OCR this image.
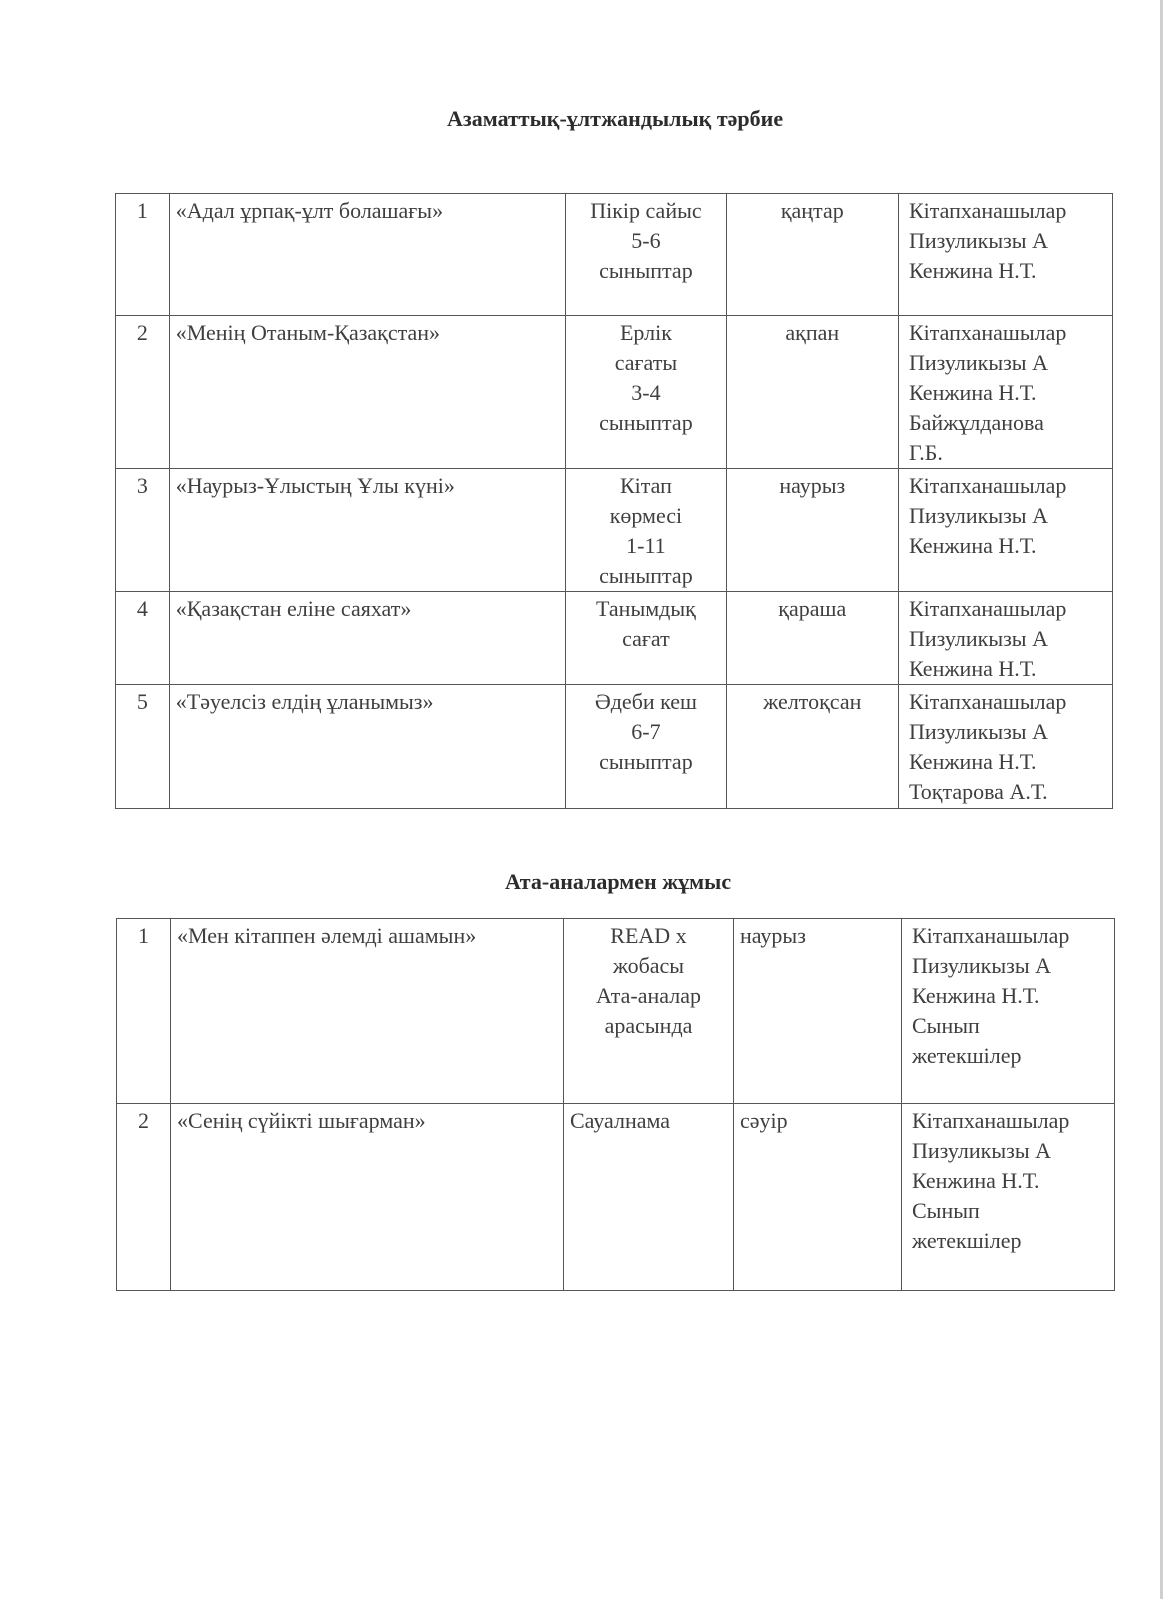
Азаматтық-ұлтжандылық тәрбие
1	«Адал ұрпақ-ұлт болашағы»	Пікір сайыс
5-6
сыныптар	қаңтар	Кітапханашылар
Пизуликызы А
Кенжина Н.Т.
2	«Менің Отаным-Қазақстан»	Ерлік
сағаты
3-4
сыныптар	ақпан	Кітапханашылар
Пизуликызы А
Кенжина Н.Т.
Байжұлданова
Г.Б.
3	«Наурыз-Ұлыстың Ұлы күні»	Кітап
көрмесі
1-11
сыныптар	наурыз	Кітапханашылар
Пизуликызы А
Кенжина Н.Т.
4	«Қазақстан еліне саяхат»	Танымдық
сағат	қараша	Кітапханашылар
Пизуликызы А
Кенжина Н.Т.
5	«Тәуелсіз елдің ұланымыз»	Әдеби кеш
6-7
сыныптар	желтоқсан	Кітапханашылар
Пизуликызы А
Кенжина Н.Т.
Тоқтарова А.Т.
Ата-аналармен жұмыс
1	«Мен кітаппен әлемді ашамын»	READ x
жобасы
Ата-аналар
арасында	наурыз	Кітапханашылар
Пизуликызы А
Кенжина Н.Т.
Сынып
жетекшілер
2	«Сенің сүйікті шығарман»	Сауалнама	сәуір	Кітапханашылар
Пизуликызы А
Кенжина Н.Т.
Сынып
жетекшілер
